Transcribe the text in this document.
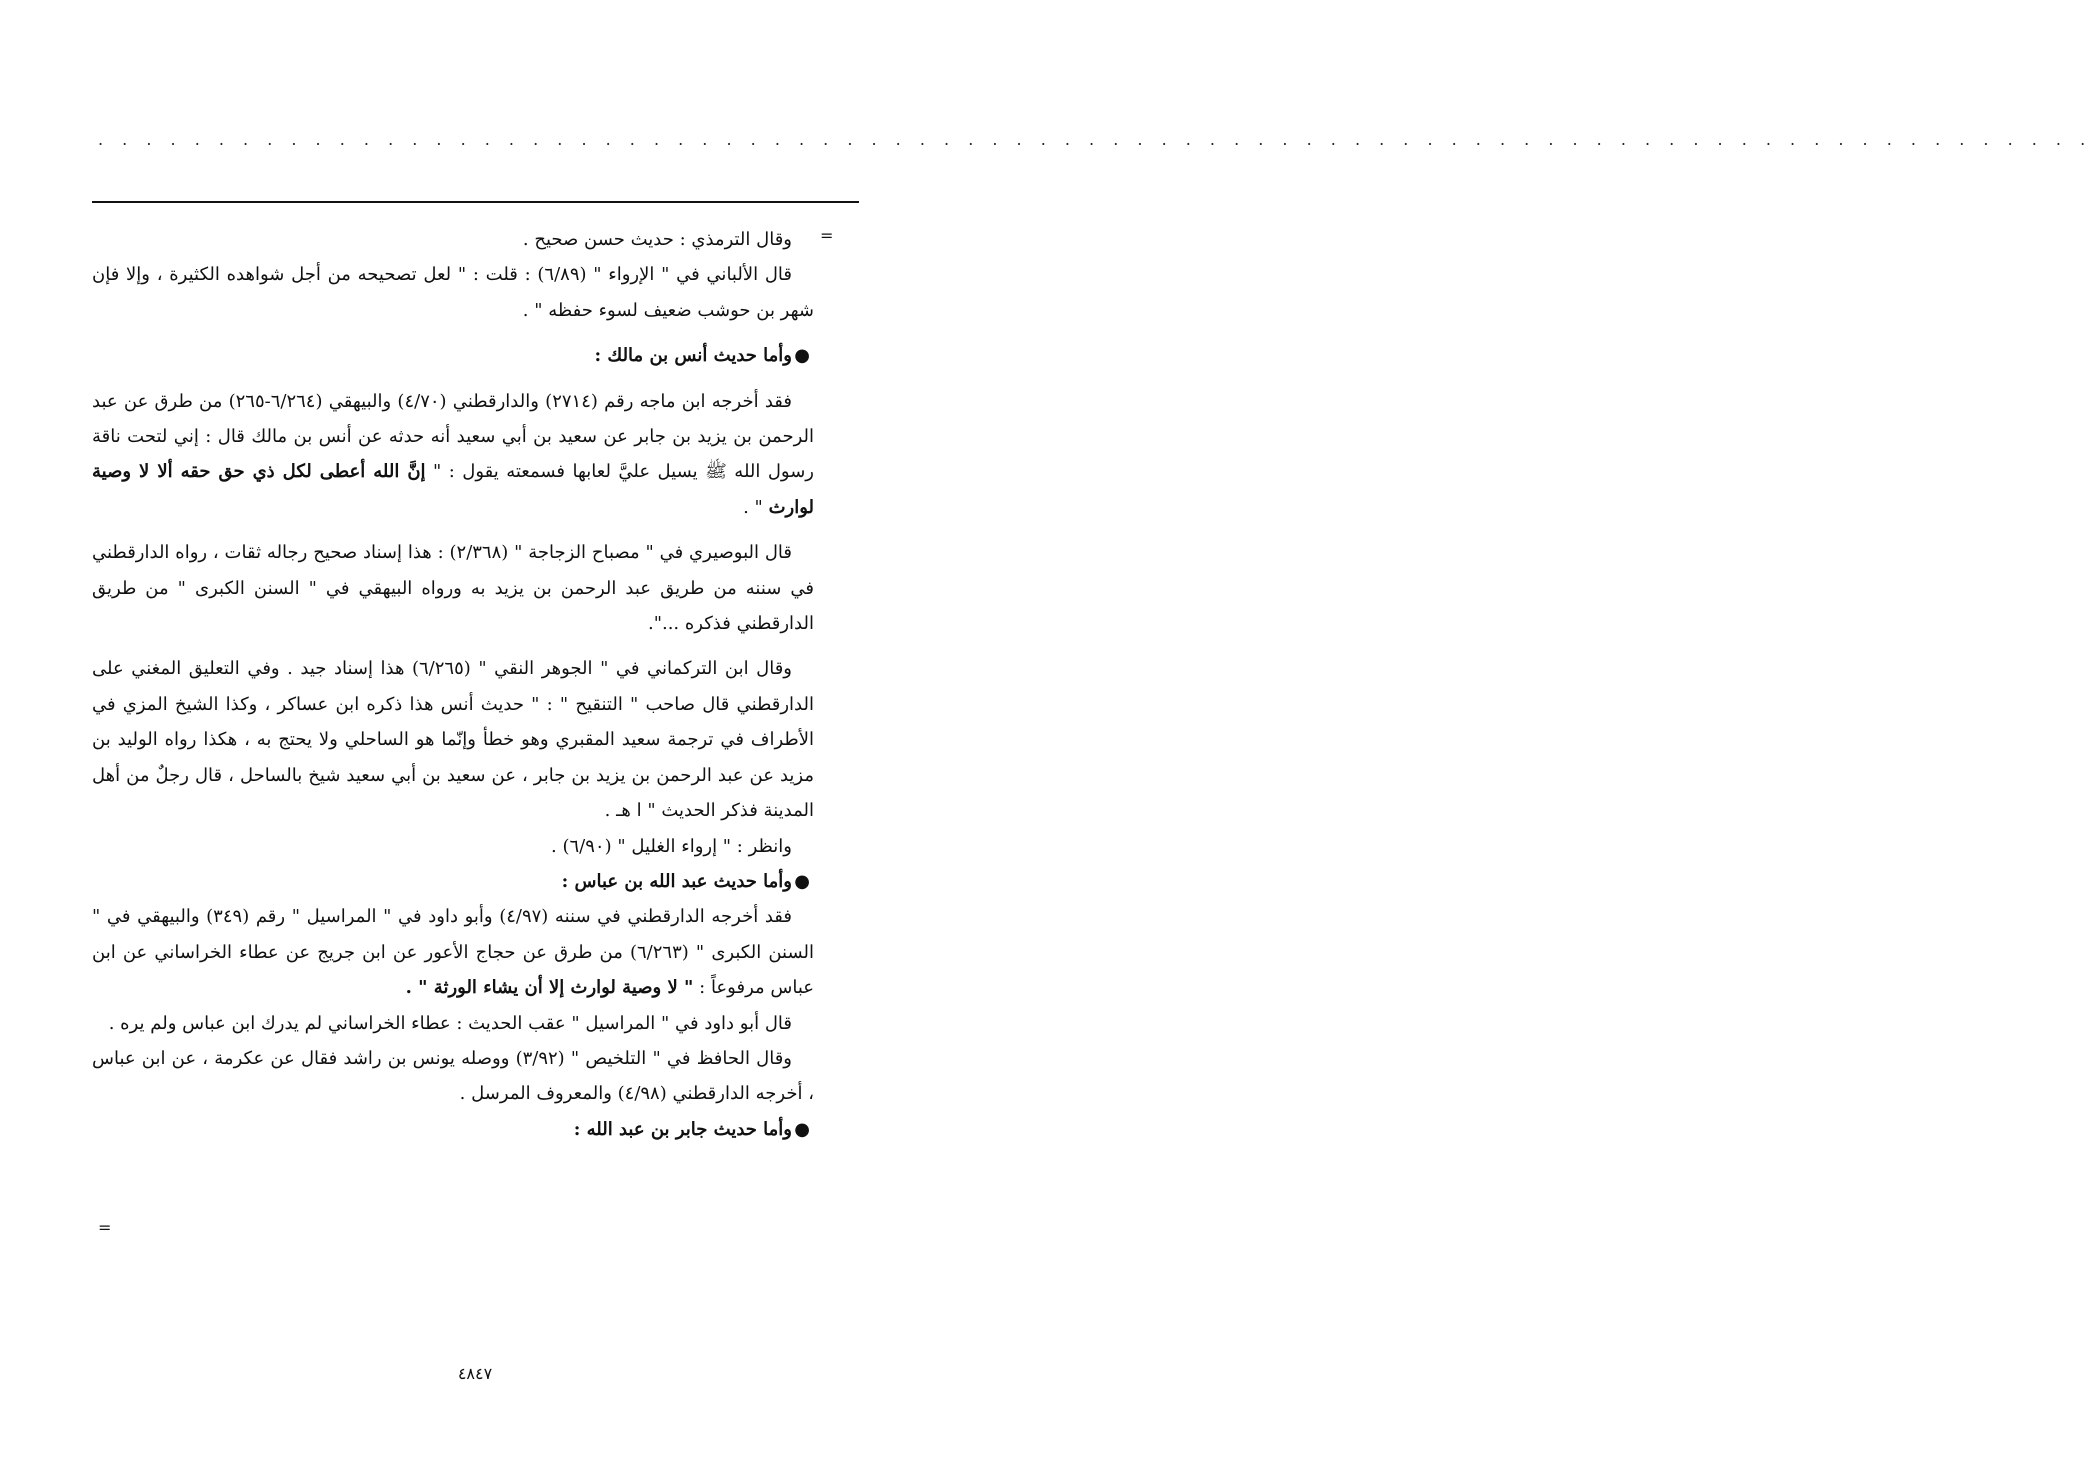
. . . . . . . . . . . . . . . . . . . . . . . . . . . . . . . . . . . . . . . . . . . . . . . . . . . . . . . . . . . . . . . . . . . . . . . . . . . . . . . . . . .
=

وقال الترمذي : حديث حسن صحيح .

قال الألباني في " الإرواء " (٦/٨٩) : قلت : " لعل تصحيحه من أجل شواهده الكثيرة ، وإلا فإن شهر بن حوشب ضعيف لسوء حفظه " .

●
وأما حديث أنس بن مالك :

فقد أخرجه ابن ماجه رقم (٢٧١٤) والدارقطني (٤/٧٠) والبيهقي (٦/٢٦٤-٢٦٥) من طرق عن عبد الرحمن بن يزيد بن جابر عن سعيد بن أبي سعيد أنه حدثه عن أنس بن مالك قال : إني لتحت ناقة رسول الله ﷺ يسيل عليَّ لعابها فسمعته يقول : " إنَّ الله أعطى لكل ذي حق حقه ألا لا وصية لوارث " .

قال البوصيري في " مصباح الزجاجة " (٢/٣٦٨) : هذا إسناد صحيح رجاله ثقات ، رواه الدارقطني في سننه من طريق عبد الرحمن بن يزيد به ورواه البيهقي في " السنن الكبرى " من طريق الدارقطني فذكره ...".

وقال ابن التركماني في " الجوهر النقي " (٦/٢٦٥) هذا إسناد جيد . وفي التعليق المغني على الدارقطني قال صاحب " التنقيح " : " حديث أنس هذا ذكره ابن عساكر ، وكذا الشيخ المزي في الأطراف في ترجمة سعيد المقبري وهو خطأ وإنّما هو الساحلي ولا يحتج به ، هكذا رواه الوليد بن مزيد عن عبد الرحمن بن يزيد بن جابر ، عن سعيد بن أبي سعيد شيخ بالساحل ، قال رجلٌ من أهل المدينة فذكر الحديث " ا هـ .

وانظر : " إرواء الغليل " (٦/٩٠) .

●
وأما حديث عبد الله بن عباس :

فقد أخرجه الدارقطني في سننه (٤/٩٧) وأبو داود في " المراسيل " رقم (٣٤٩) والبيهقي في " السنن الكبرى " (٦/٢٦٣) من طرق عن حجاج الأعور عن ابن جريج عن عطاء الخراساني عن ابن عباس مرفوعاً : " لا وصية لوارث إلا أن يشاء الورثة " .

قال أبو داود في " المراسيل " عقب الحديث : عطاء الخراساني لم يدرك ابن عباس ولم يره .

وقال الحافظ في " التلخيص " (٣/٩٢) ووصله يونس بن راشد فقال عن عكرمة ، عن ابن عباس ، أخرجه الدارقطني (٤/٩٨) والمعروف المرسل .

●
وأما حديث جابر بن عبد الله :

=
٤٨٤٧
